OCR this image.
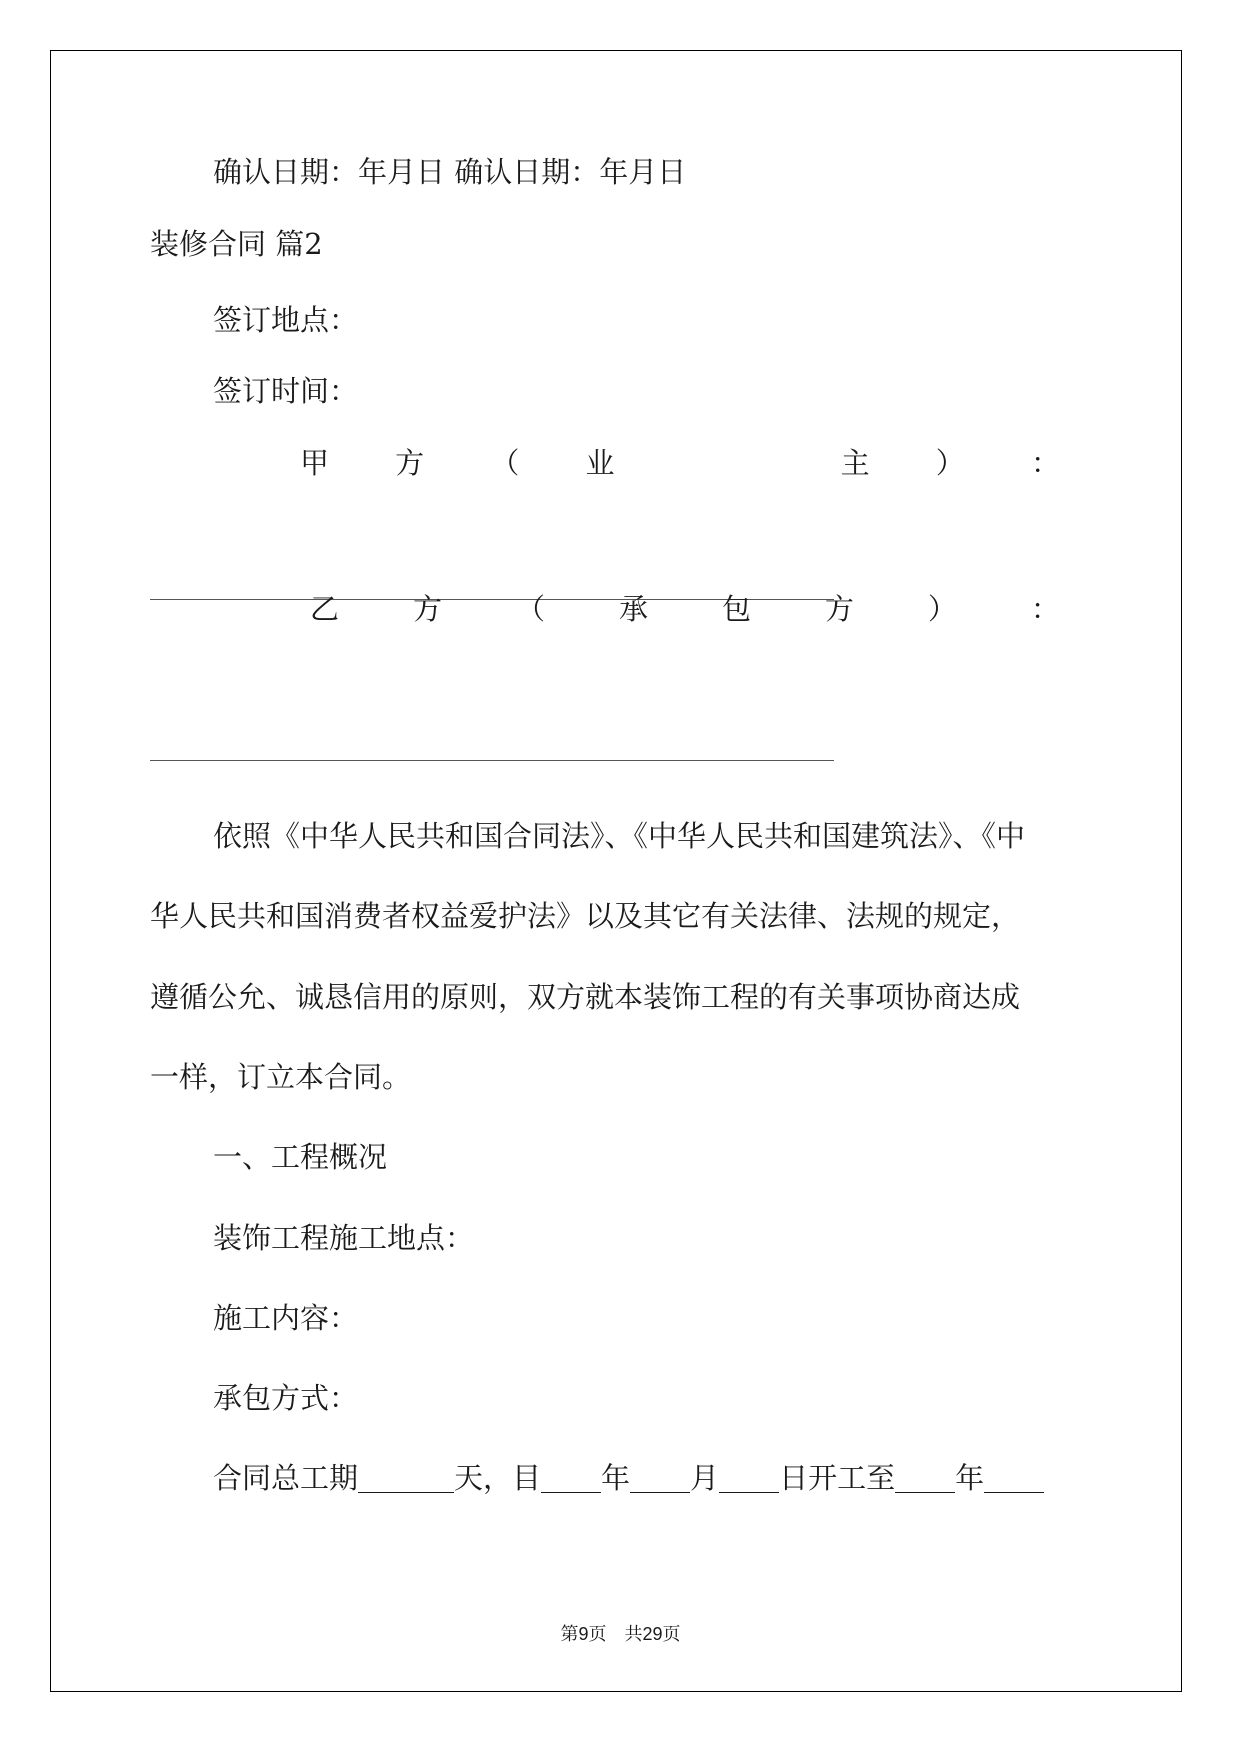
确认日期：年月日 确认日期：年月日
装修合同 篇2
签订地点：
签订时间：
甲 方 （ 业	主 ） ：
乙	方	（	承	包	方	）	：
依照《中华人民共和国合同法》、《中华人民共和国建筑法》、《中
华人民共和国消费者权益爱护法》以及其它有关法律、法规的规定，
遵循公允、诚恳信用的原则，双方就本装饰工程的有关事项协商达成
一样，订立本合同。
一、工程概况
装饰工程施工地点：
施工内容：
承包方式：
合同总工期	天，目 年 月 日开工至 年
第9页　共29页
